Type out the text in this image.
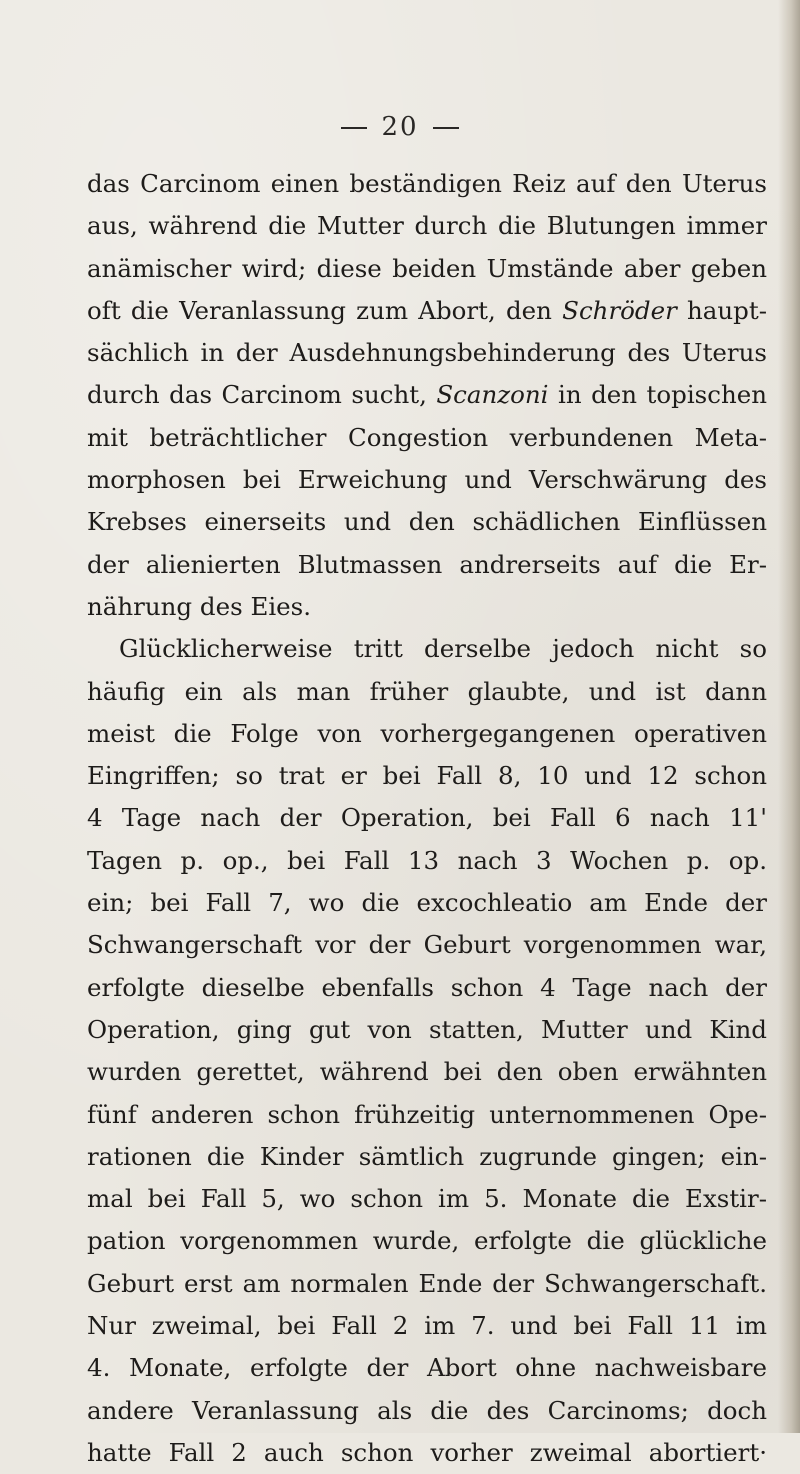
20
das Carcinom einen beständigen Reiz auf den Uterus
aus, während die Mutter durch die Blutungen immer
anämischer wird; diese beiden Umstände aber geben
oft die Veranlassung zum Abort, den Schröder haupt-
sächlich in der Ausdehnungsbehinderung des Uterus
durch das Carcinom sucht, Scanzoni in den topischen
mit beträchtlicher Congestion verbundenen Meta-
morphosen bei Erweichung und Verschwärung des
Krebses einerseits und den schädlichen Einflüssen
der alienierten Blutmassen andrerseits auf die Er-
nährung des Eies.
Glücklicherweise tritt derselbe jedoch nicht so
häufig ein als man früher glaubte, und ist dann
meist die Folge von vorhergegangenen operativen
Eingriffen; so trat er bei Fall 8, 10 und 12 schon
4 Tage nach der Operation, bei Fall 6 nach 11'
Tagen p. op., bei Fall 13 nach 3 Wochen p. op.
ein; bei Fall 7, wo die excochleatio am Ende der
Schwangerschaft vor der Geburt vorgenommen war,
erfolgte dieselbe ebenfalls schon 4 Tage nach der
Operation, ging gut von statten, Mutter und Kind
wurden gerettet, während bei den oben erwähnten
fünf anderen schon frühzeitig unternommenen Ope-
rationen die Kinder sämtlich zugrunde gingen; ein-
mal bei Fall 5, wo schon im 5. Monate die Exstir-
pation vorgenommen wurde, erfolgte die glückliche
Geburt erst am normalen Ende der Schwangerschaft.
Nur zweimal, bei Fall 2 im 7. und bei Fall 11 im
4. Monate, erfolgte der Abort ohne nachweisbare
andere Veranlassung als die des Carcinoms; doch
hatte Fall 2 auch schon vorher zweimal abortiert·
